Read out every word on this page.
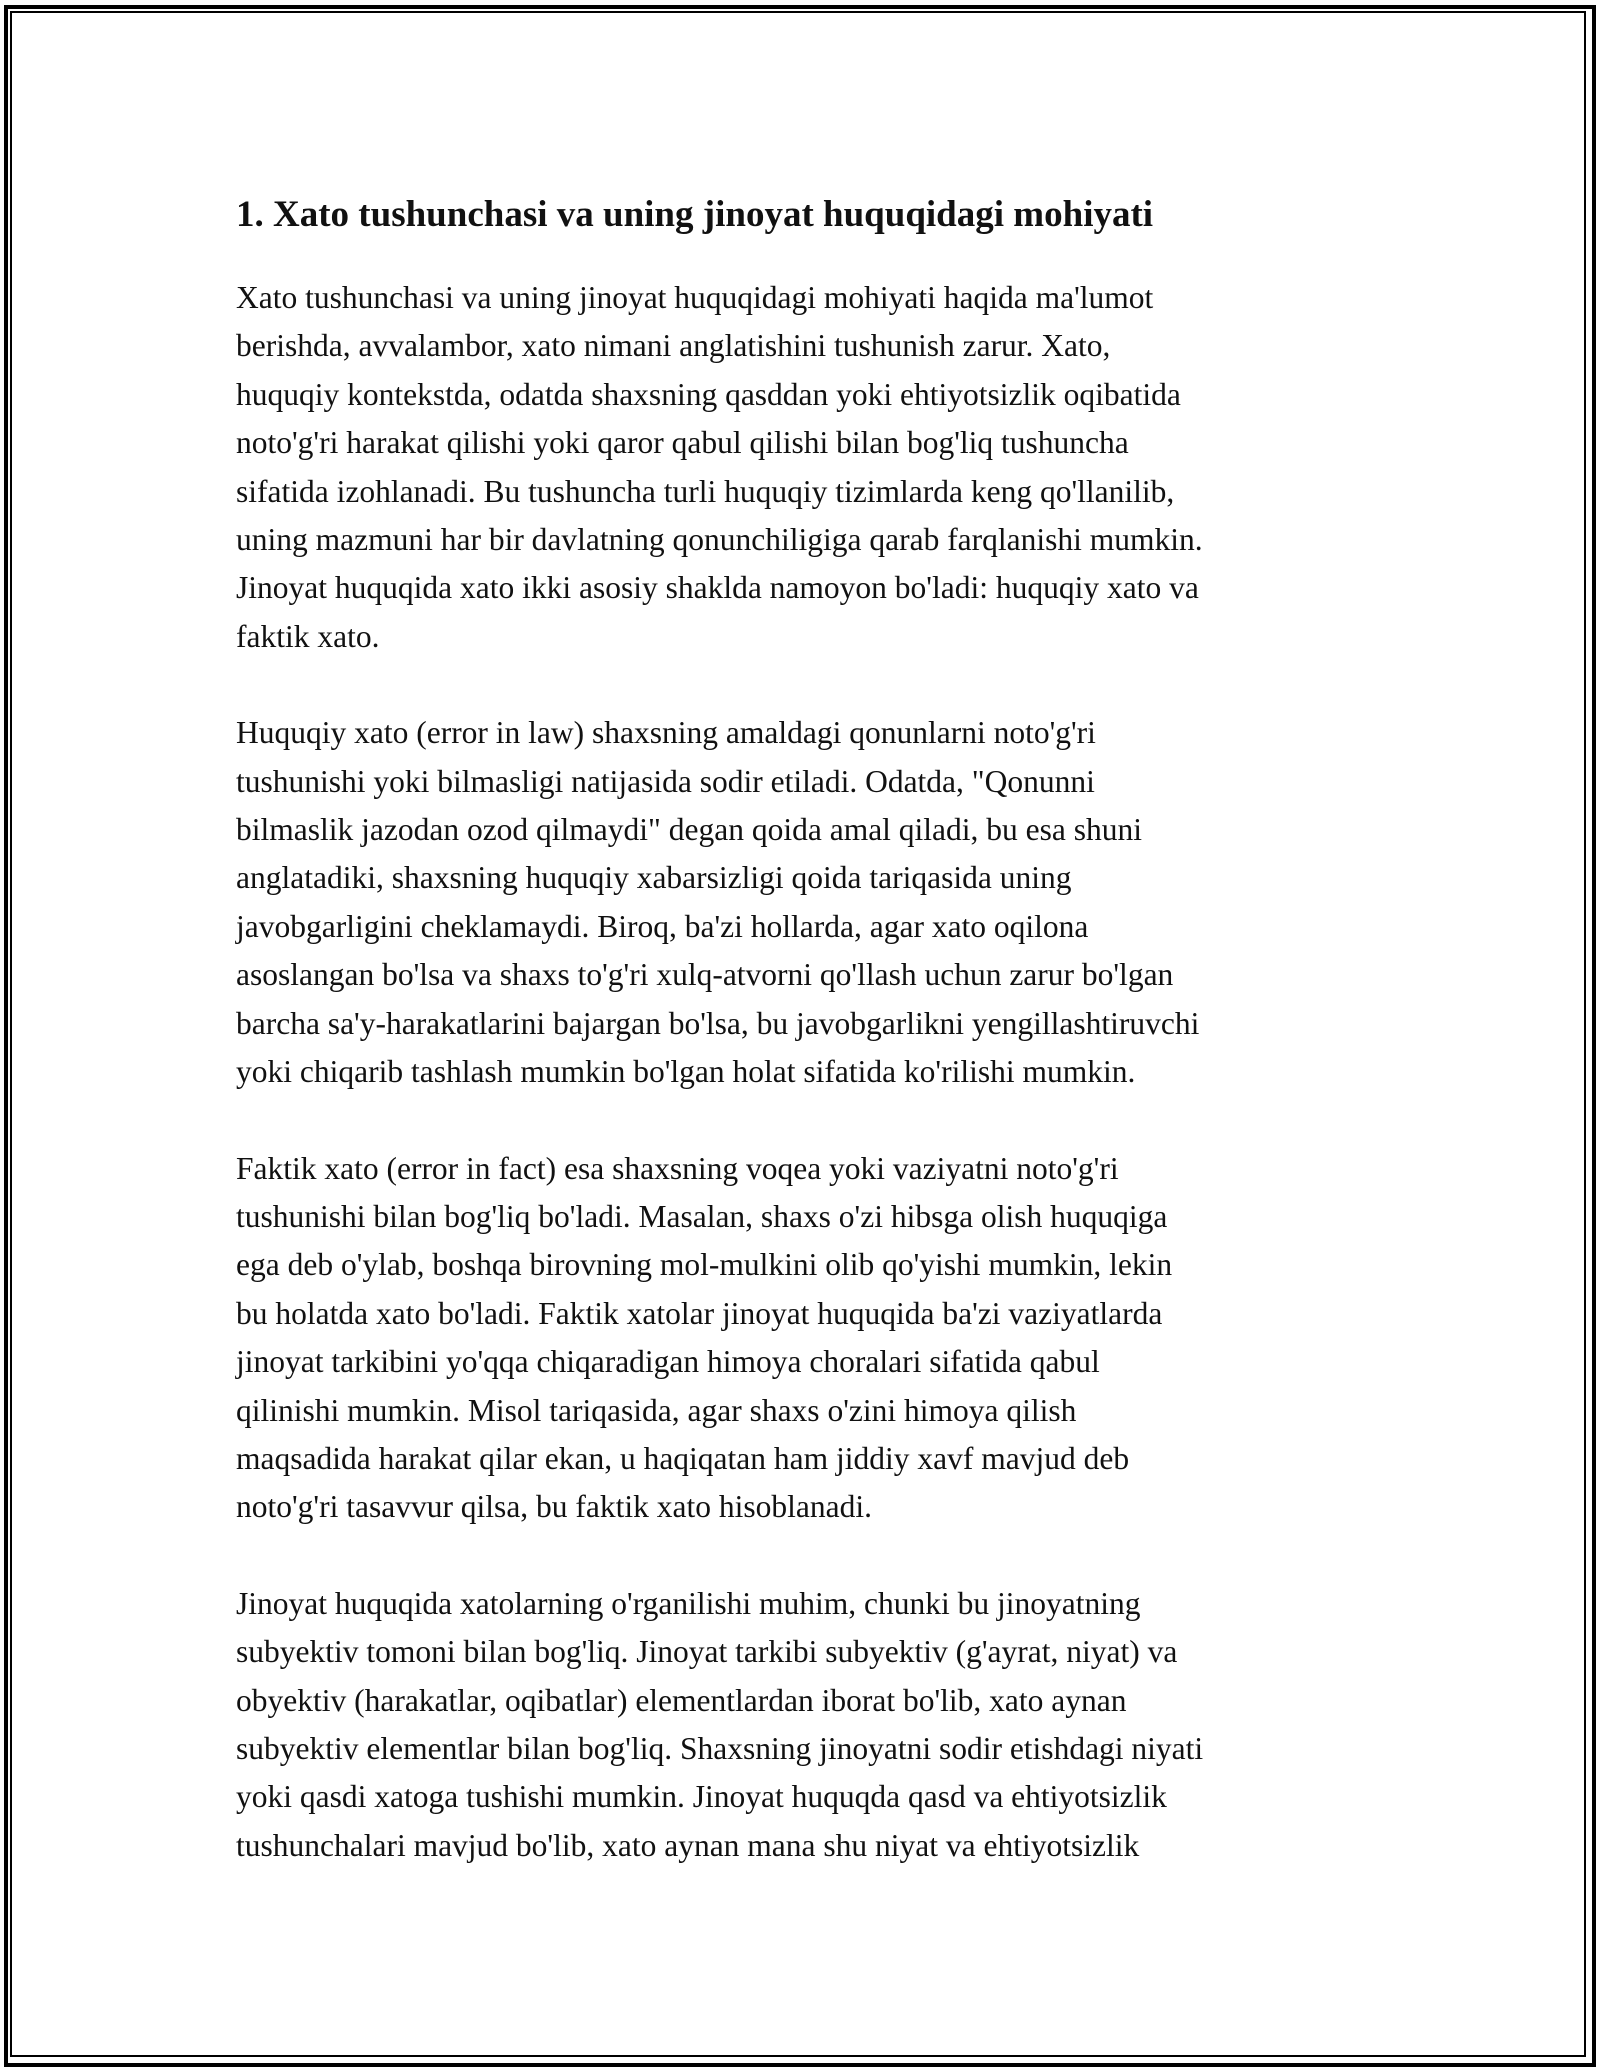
1. Xato tushunchasi va uning jinoyat huquqidagi mohiyati
Xato tushunchasi va uning jinoyat huquqidagi mohiyati haqida ma'lumot
berishda, avvalambor, xato nimani anglatishini tushunish zarur. Xato,
huquqiy kontekstda, odatda shaxsning qasddan yoki ehtiyotsizlik oqibatida
noto'g'ri harakat qilishi yoki qaror qabul qilishi bilan bog'liq tushuncha
sifatida izohlanadi. Bu tushuncha turli huquqiy tizimlarda keng qo'llanilib,
uning mazmuni har bir davlatning qonunchiligiga qarab farqlanishi mumkin.
Jinoyat huquqida xato ikki asosiy shaklda namoyon bo'ladi: huquqiy xato va
faktik xato.
Huquqiy xato (error in law) shaxsning amaldagi qonunlarni noto'g'ri
tushunishi yoki bilmasligi natijasida sodir etiladi. Odatda, "Qonunni
bilmaslik jazodan ozod qilmaydi" degan qoida amal qiladi, bu esa shuni
anglatadiki, shaxsning huquqiy xabarsizligi qoida tariqasida uning
javobgarligini cheklamaydi. Biroq, ba'zi hollarda, agar xato oqilona
asoslangan bo'lsa va shaxs to'g'ri xulq-atvorni qo'llash uchun zarur bo'lgan
barcha sa'y-harakatlarini bajargan bo'lsa, bu javobgarlikni yengillashtiruvchi
yoki chiqarib tashlash mumkin bo'lgan holat sifatida ko'rilishi mumkin.
Faktik xato (error in fact) esa shaxsning voqea yoki vaziyatni noto'g'ri
tushunishi bilan bog'liq bo'ladi. Masalan, shaxs o'zi hibsga olish huquqiga
ega deb o'ylab, boshqa birovning mol-mulkini olib qo'yishi mumkin, lekin
bu holatda xato bo'ladi. Faktik xatolar jinoyat huquqida ba'zi vaziyatlarda
jinoyat tarkibini yo'qqa chiqaradigan himoya choralari sifatida qabul
qilinishi mumkin. Misol tariqasida, agar shaxs o'zini himoya qilish
maqsadida harakat qilar ekan, u haqiqatan ham jiddiy xavf mavjud deb
noto'g'ri tasavvur qilsa, bu faktik xato hisoblanadi.
Jinoyat huquqida xatolarning o'rganilishi muhim, chunki bu jinoyatning
subyektiv tomoni bilan bog'liq. Jinoyat tarkibi subyektiv (g'ayrat, niyat) va
obyektiv (harakatlar, oqibatlar) elementlardan iborat bo'lib, xato aynan
subyektiv elementlar bilan bog'liq. Shaxsning jinoyatni sodir etishdagi niyati
yoki qasdi xatoga tushishi mumkin. Jinoyat huquqda qasd va ehtiyotsizlik
tushunchalari mavjud bo'lib, xato aynan mana shu niyat va ehtiyotsizlik
